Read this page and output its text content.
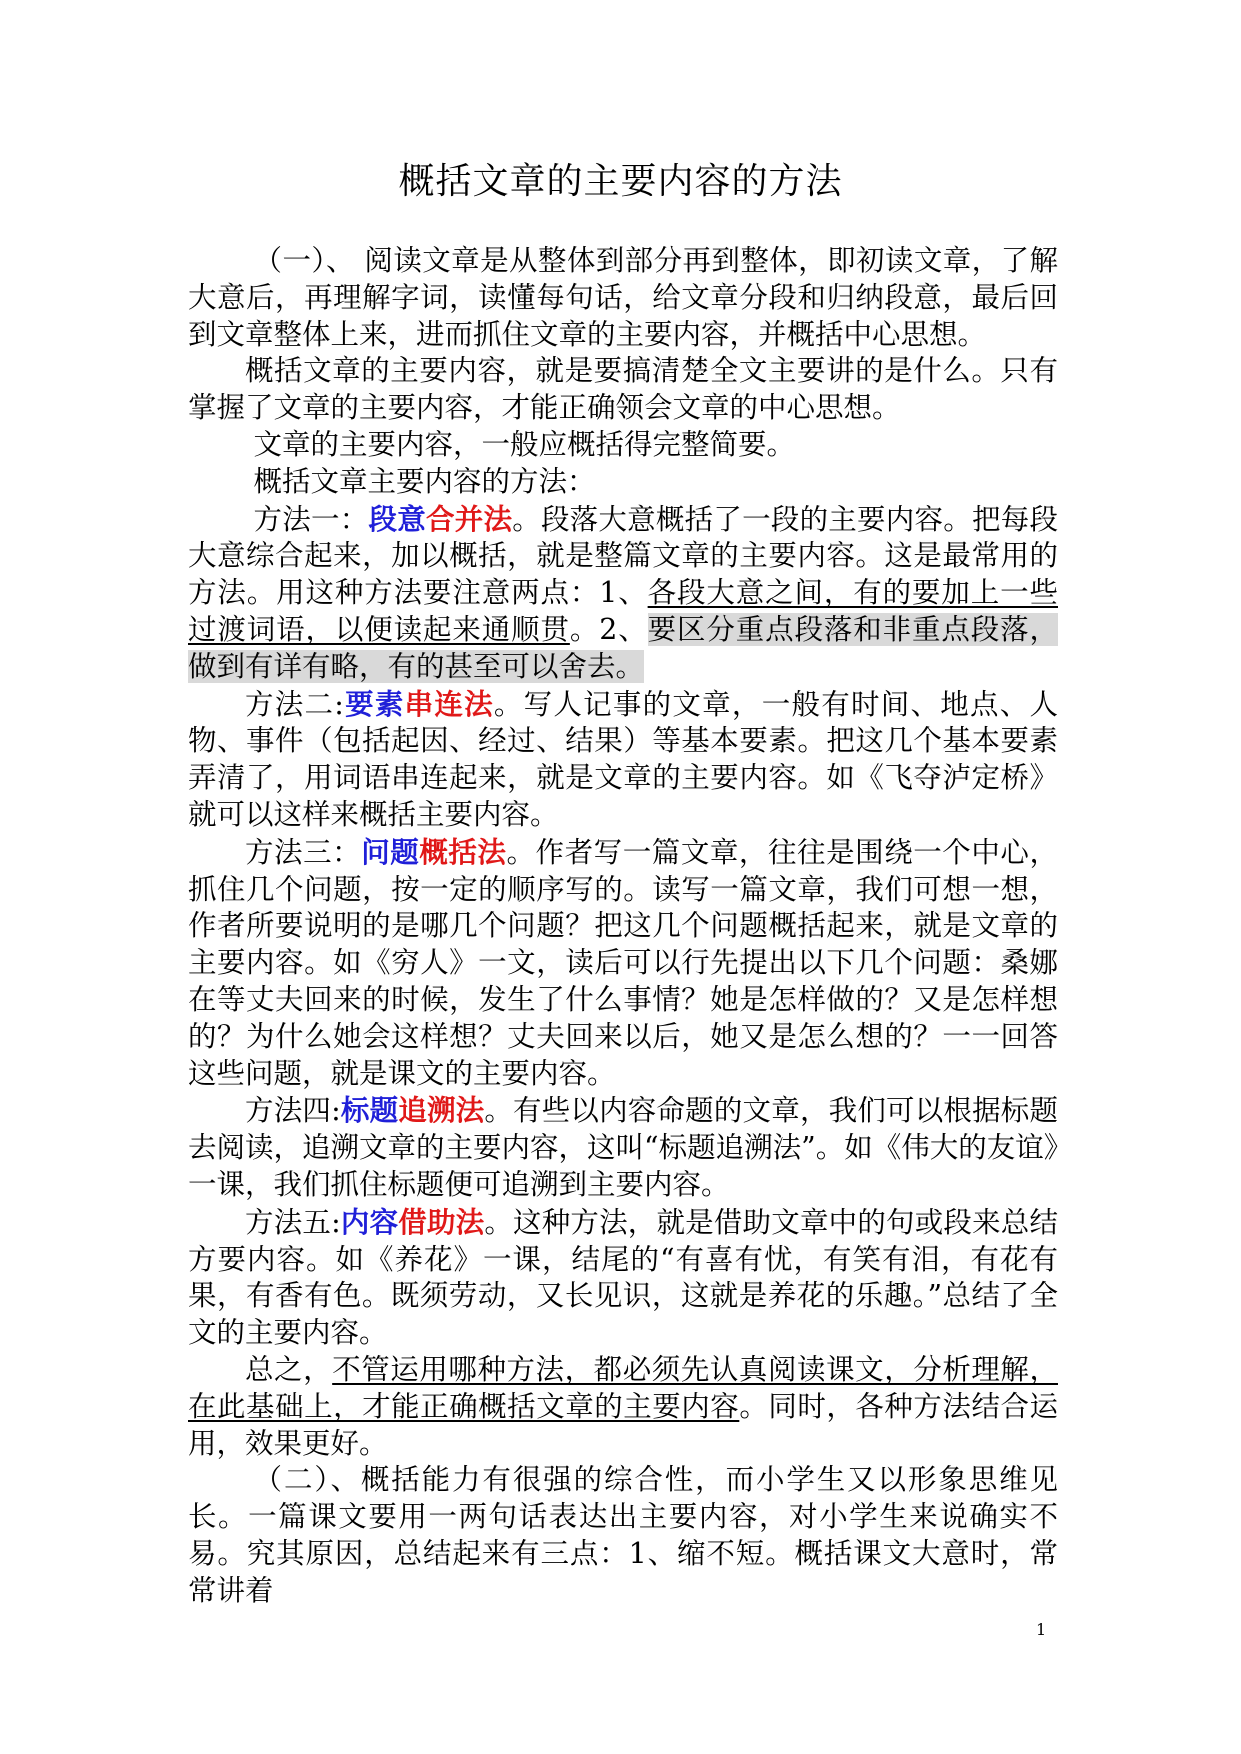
概括文章的主要内容的方法

（一）、 阅读文章是从整体到部分再到整体，即初读文章，了解大意后，再理解字词，读懂每句话，给文章分段和归纳段意，最后回到文章整体上来，进而抓住文章的主要内容，并概括中心思想。

概括文章的主要内容，就是要搞清楚全文主要讲的是什么。只有掌握了文章的主要内容，才能正确领会文章的中心思想。

文章的主要内容，一般应概括得完整简要。

概括文章主要内容的方法：

方法一：段意合并法。段落大意概括了一段的主要内容。把每段大意综合起来，加以概括，就是整篇文章的主要内容。这是最常用的方法。用这种方法要注意两点：1、各段大意之间，有的要加上一些过渡词语，以便读起来通顺贯。2、要区分重点段落和非重点段落，做到有详有略，有的甚至可以舍去。

方法二:要素串连法。写人记事的文章，一般有时间、地点、人物、事件（包括起因、经过、结果）等基本要素。把这几个基本要素弄清了，用词语串连起来，就是文章的主要内容。如《飞夺泸定桥》就可以这样来概括主要内容。

方法三：问题概括法。作者写一篇文章，往往是围绕一个中心，抓住几个问题，按一定的顺序写的。读写一篇文章，我们可想一想，作者所要说明的是哪几个问题？把这几个问题概括起来，就是文章的主要内容。如《穷人》一文，读后可以行先提出以下几个问题：桑娜在等丈夫回来的时候，发生了什么事情？她是怎样做的？又是怎样想的？为什么她会这样想？丈夫回来以后，她又是怎么想的？一一回答这些问题，就是课文的主要内容。

方法四:标题追溯法。有些以内容命题的文章，我们可以根据标题去阅读，追溯文章的主要内容，这叫“标题追溯法”。如《伟大的友谊》一课，我们抓住标题便可追溯到主要内容。

方法五:内容借助法。这种方法，就是借助文章中的句或段来总结方要内容。如《养花》一课，结尾的“有喜有忧，有笑有泪，有花有果，有香有色。既须劳动，又长见识，这就是养花的乐趣。”总结了全文的主要内容。

总之，不管运用哪种方法，都必须先认真阅读课文，分析理解，在此基础上，才能正确概括文章的主要内容。同时，各种方法结合运用，效果更好。

（二）、概括能力有很强的综合性，而小学生又以形象思维见长。一篇课文要用一两句话表达出主要内容，对小学生来说确实不易。究其原因，总结起来有三点：1、缩不短。概括课文大意时，常常讲着

1
